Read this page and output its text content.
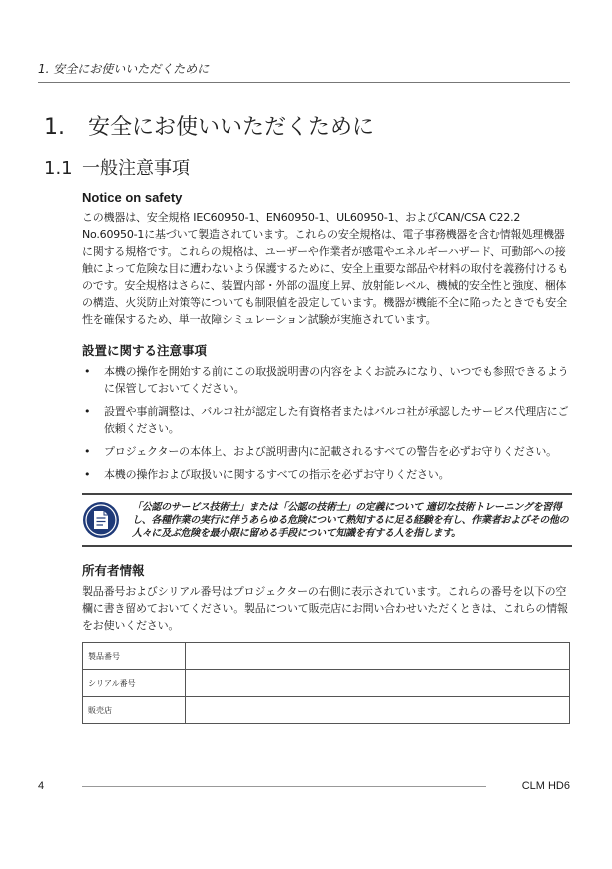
1. 安全にお使いいただくために
1. 安全にお使いいただくために
1.1 一般注意事項
Notice on safety

この機器は、安全規格 IEC60950-1、EN60950-1、UL60950-1、およびCAN/CSA C22.2 No.60950-1に基づいて製造されています。これらの安全規格は、電子事務機器を含む情報処理機器に関する規格です。これらの規格は、ユーザーや作業者が感電やエネルギーハザード、可動部への接触によって危険な目に遭わないよう保護するために、安全上重要な部品や材料の取付を義務付けるものです。安全規格はさらに、装置内部・外部の温度上昇、放射能レベル、機械的安全性と強度、梱体の構造、火災防止対策等についても制限値を設定しています。機器が機能不全に陥ったときでも安全性を確保するため、単一故障シミュレーション試験が実施されています。

設置に関する注意事項
• 本機の操作を開始する前にこの取扱説明書の内容をよくお読みになり、いつでも参照できるように保管しておいてください。
• 設置や事前調整は、バルコ社が認定した有資格者またはバルコ社が承認したサービス代理店にご依頼ください。
• プロジェクターの本体上、および説明書内に記載されるすべての警告を必ずお守りください。
• 本機の操作および取扱いに関するすべての指示を必ずお守りください。
「公認のサービス技術士」または「公認の技術士」の定義について 適切な技術トレーニングを習得し、各種作業の実行に伴うあらゆる危険について熟知するに足る経験を有し、作業者およびその他の人々に及ぶ危険を最小限に留める手段について知識を有する人を指します。
所有者情報

製品番号およびシリアル番号はプロジェクターの右側に表示されています。これらの番号を以下の空欄に書き留めておいてください。製品について販売店にお問い合わせいただくときは、これらの情報をお使いください。

製品番号	
シリアル番号	
販売店	
4	CLM HD6
